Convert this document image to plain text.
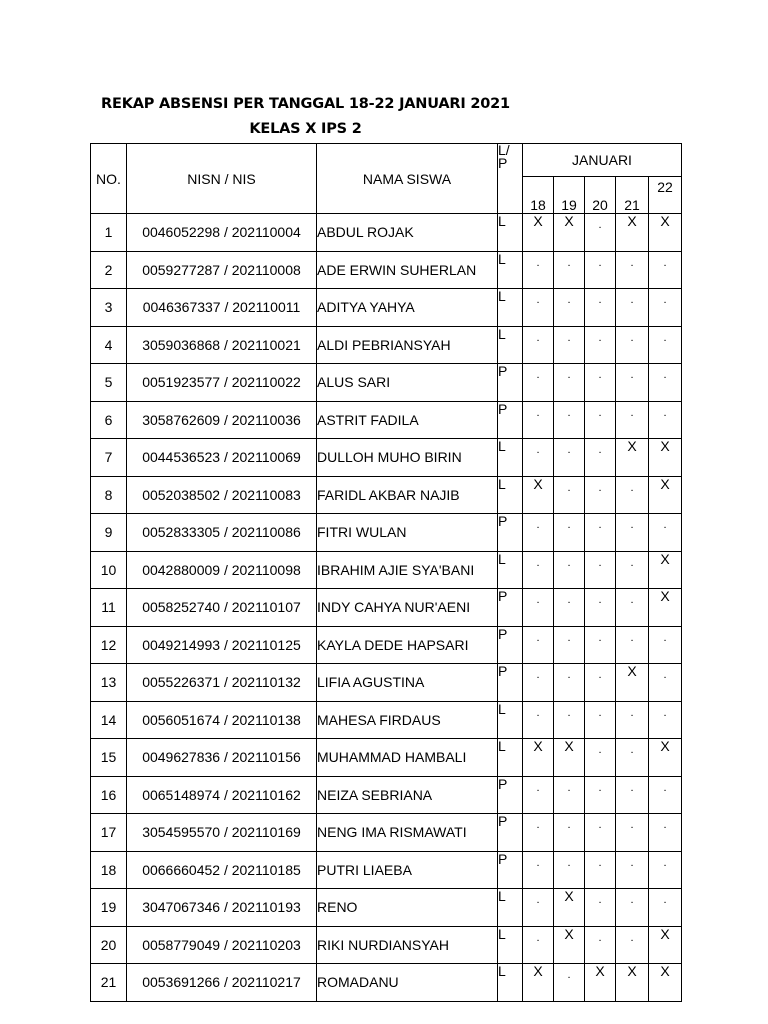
REKAP ABSENSI PER TANGGAL 18-22 JANUARI 2021
KELAS X IPS 2
NO.	NISN / NIS	NAMA SISWA	L/
P	JANUARI				
				18	19	20	21	22
1	0046052298 / 202110004	ABDUL ROJAK	L	X	X	.	X	X
2	0059277287 / 202110008	ADE ERWIN SUHERLAN	L	.	.	.	.	.
3	0046367337 / 202110011	ADITYA YAHYA	L	.	.	.	.	.
4	3059036868 / 202110021	ALDI PEBRIANSYAH	L	.	.	.	.	.
5	0051923577 / 202110022	ALUS SARI	P	.	.	.	.	.
6	3058762609 / 202110036	ASTRIT FADILA	P	.	.	.	.	.
7	0044536523 / 202110069	DULLOH MUHO BIRIN	L	.	.	.	X	X
8	0052038502 / 202110083	FARIDL AKBAR NAJIB	L	X	.	.	.	X
9	0052833305 / 202110086	FITRI WULAN	P	.	.	.	.	.
10	0042880009 / 202110098	IBRAHIM AJIE SYA'BANI	L	.	.	.	.	X
11	0058252740 / 202110107	INDY CAHYA NUR'AENI	P	.	.	.	.	X
12	0049214993 / 202110125	KAYLA DEDE HAPSARI	P	.	.	.	.	.
13	0055226371 / 202110132	LIFIA AGUSTINA	P	.	.	.	X	.
14	0056051674 / 202110138	MAHESA FIRDAUS	L	.	.	.	.	.
15	0049627836 / 202110156	MUHAMMAD HAMBALI	L	X	X	.	.	X
16	0065148974 / 202110162	NEIZA SEBRIANA	P	.	.	.	.	.
17	3054595570 / 202110169	NENG IMA RISMAWATI	P	.	.	.	.	.
18	0066660452 / 202110185	PUTRI LIAEBA	P	.	.	.	.	.
19	3047067346 / 202110193	RENO	L	.	X	.	.	.
20	0058779049 / 202110203	RIKI NURDIANSYAH	L	.	X	.	.	X
21	0053691266 / 202110217	ROMADANU	L	X	.	X	X	X
